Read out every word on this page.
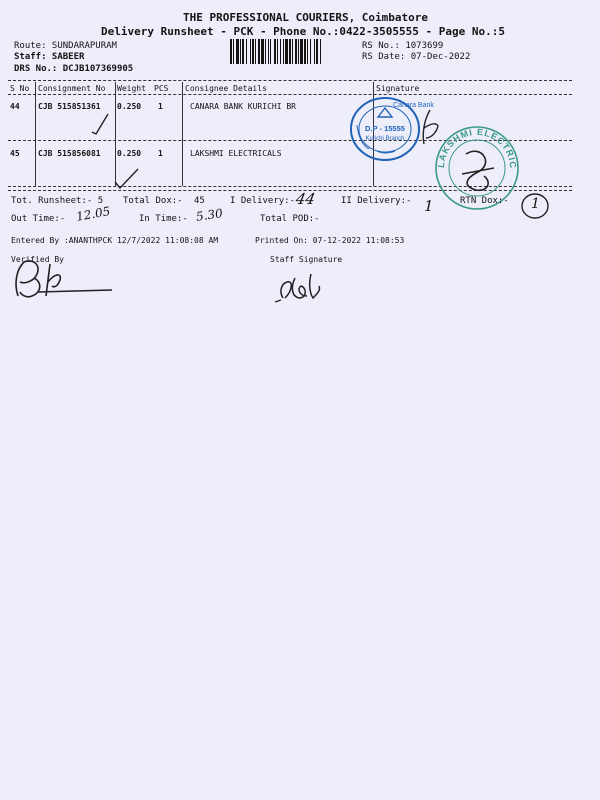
THE PROFESSIONAL COURIERS, Coimbatore
Delivery Runsheet - PCK - Phone No.:0422-3505555 - Page No.:5
Route: SUNDARAPURAM
Staff: SABEER
DRS No.: DCJB107369905
RS No.: 1073699
RS Date: 07-Dec-2022
S No Consignment No Weight PCS Consignee Details	Signature
44 CJB 515851361 0.250 1	CANARA BANK KURICHI BR
45 CJB 515856081 0.250 1	LAKSHMI ELECTRICALS
Canara Bank
D.P - 15555
Kurichi Branch
LAKSHMI ELECTRICALS
Tot. Runsheet:- 5 Total Dox:- 45	I Delivery:-	II Delivery:-	RTN Dox:-
44	1	1
Out Time:- 12.05	In Time:- 5.30	Total POD:-
Entered By :ANANTHPCK 12/7/2022 11:08:08 AM	Printed On: 07-12-2022 11:08:53
Verified By	Staff Signature
